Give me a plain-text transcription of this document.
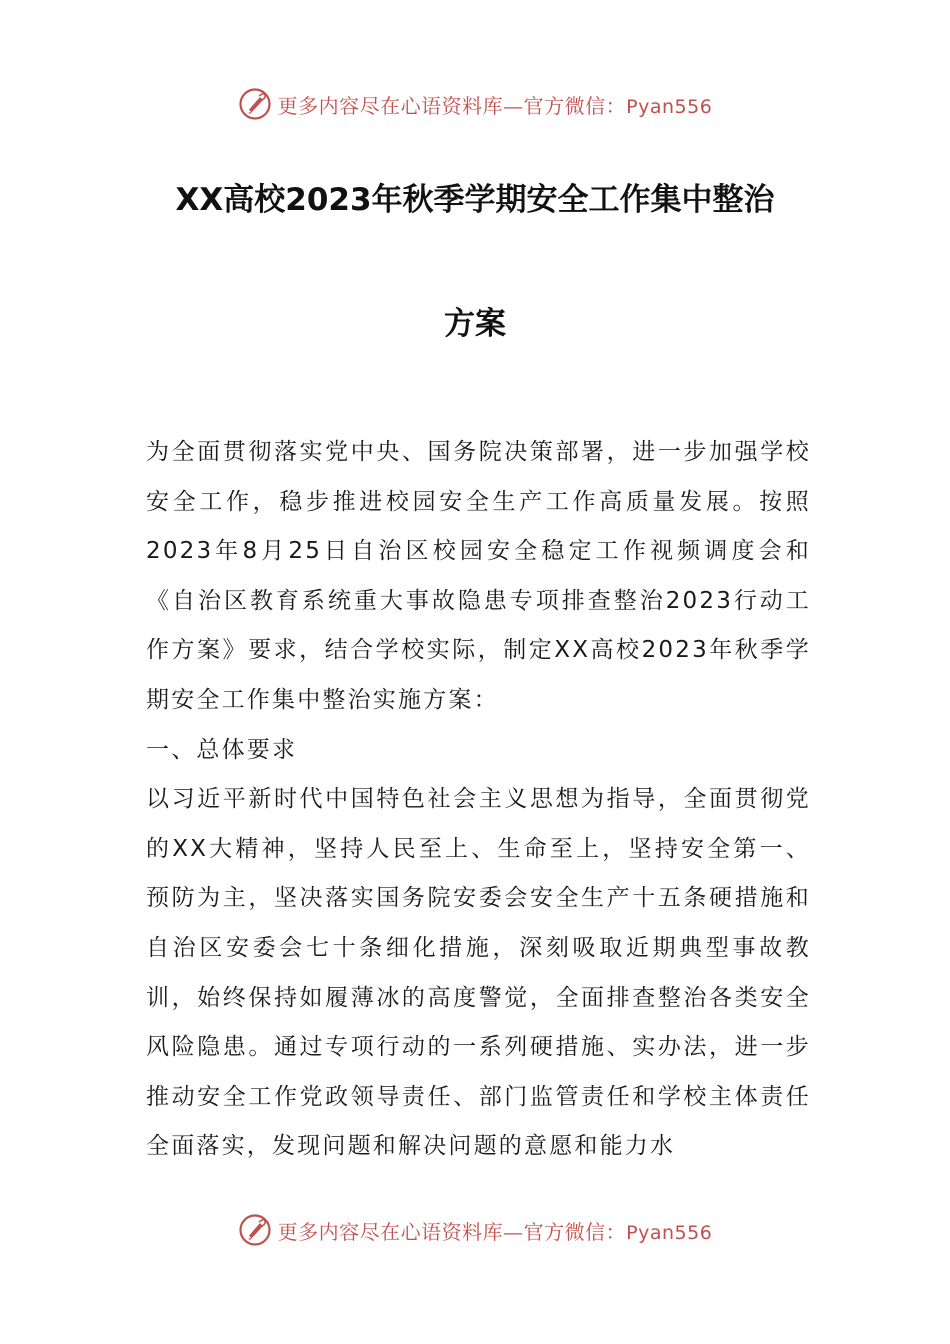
更多内容尽在心语资料库—官方微信：Pyan556
XX高校2023年秋季学期安全工作集中整治
方案

为全面贯彻落实党中央、国务院决策部署，进一步加强学校安全工作，稳步推进校园安全生产工作高质量发展。按照2023年8月25日自治区校园安全稳定工作视频调度会和《自治区教育系统重大事故隐患专项排查整治2023行动工作方案》要求，结合学校实际，制定XX高校2023年秋季学期安全工作集中整治实施方案：

一、总体要求

以习近平新时代中国特色社会主义思想为指导，全面贯彻党的XX大精神，坚持人民至上、生命至上，坚持安全第一、预防为主，坚决落实国务院安委会安全生产十五条硬措施和自治区安委会七十条细化措施，深刻吸取近期典型事故教训，始终保持如履薄冰的高度警觉，全面排查整治各类安全风险隐患。通过专项行动的一系列硬措施、实办法，进一步推动安全工作党政领导责任、部门监管责任和学校主体责任全面落实，发现问题和解决问题的意愿和能力水

更多内容尽在心语资料库—官方微信：Pyan556
